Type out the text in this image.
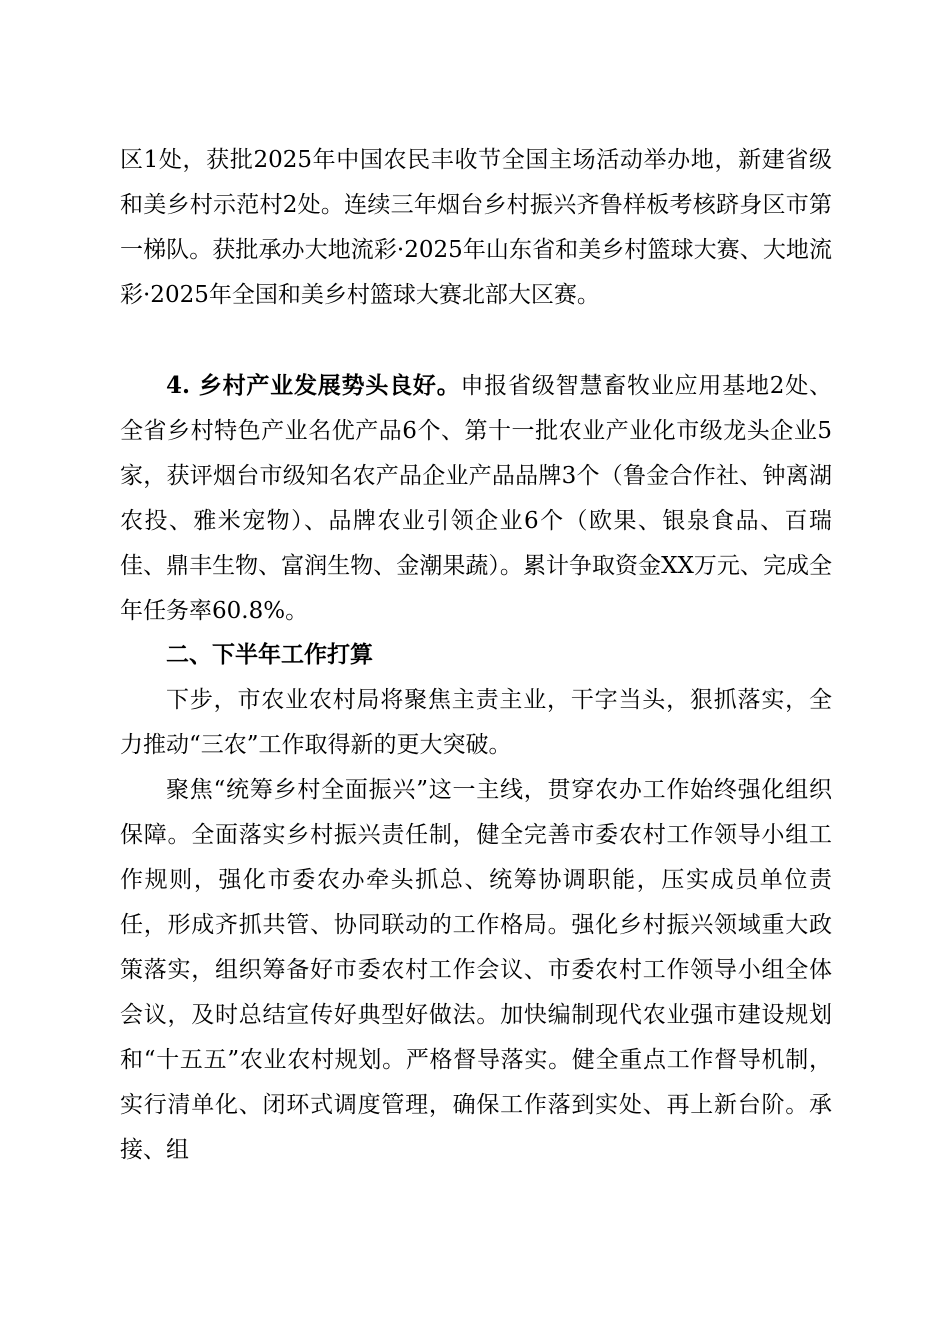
区1处，获批2025年中国农民丰收节全国主场活动举办地，新建省级和美乡村示范村2处。连续三年烟台乡村振兴齐鲁样板考核跻身区市第一梯队。获批承办大地流彩·2025年山东省和美乡村篮球大赛、大地流彩·2025年全国和美乡村篮球大赛北部大区赛。

4. 乡村产业发展势头良好。申报省级智慧畜牧业应用基地2处、全省乡村特色产业名优产品6个、第十一批农业产业化市级龙头企业5家，获评烟台市级知名农产品企业产品品牌3个（鲁金合作社、钟离湖农投、雅米宠物）、品牌农业引领企业6个（欧果、银泉食品、百瑞佳、鼎丰生物、富润生物、金潮果蔬）。累计争取资金XX万元、完成全年任务率60.8%。

二、下半年工作打算

下步，市农业农村局将聚焦主责主业，干字当头，狠抓落实，全力推动“三农”工作取得新的更大突破。

聚焦“统筹乡村全面振兴”这一主线，贯穿农办工作始终强化组织保障。全面落实乡村振兴责任制，健全完善市委农村工作领导小组工作规则，强化市委农办牵头抓总、统筹协调职能，压实成员单位责任，形成齐抓共管、协同联动的工作格局。强化乡村振兴领域重大政策落实，组织筹备好市委农村工作会议、市委农村工作领导小组全体会议，及时总结宣传好典型好做法。加快编制现代农业强市建设规划和“十五五”农业农村规划。严格督导落实。健全重点工作督导机制，实行清单化、闭环式调度管理，确保工作落到实处、再上新台阶。承接、组
